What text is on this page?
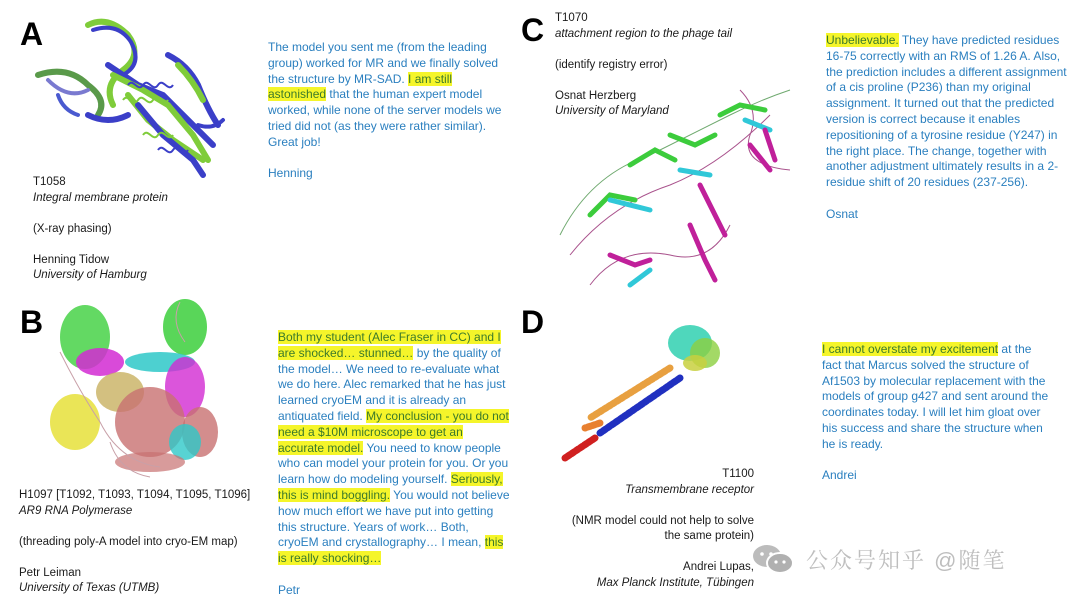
A
T1058
Integral membrane protein
(X-ray phasing)
Henning Tidow
University of Hamburg
The model you sent me (from the leading group) worked for MR and we finally solved the structure by MR-SAD. I am still astonished that the human expert model worked, while none of the server models we tried did not (as they were rather similar). Great job!
Henning
B
H1097 [T1092, T1093, T1094, T1095, T1096]
AR9 RNA Polymerase
(threading poly-A model into cryo-EM map)
Petr Leiman
University of Texas (UTMB)
Both my student (Alec Fraser in CC) and I are shocked… stunned… by the quality of the model… We need to re-evaluate what we do here. Alec remarked that he has just learned cryoEM and it is already an antiquated field. My conclusion - you do not need a $10M microscope to get an accurate model. You need to know people who can model your protein for you. Or you learn how do modeling yourself. Seriously, this is mind boggling. You would not believe how much effort we have put into getting this structure. Years of work… Both, cryoEM and crystallography… I mean, this is really shocking…
Petr
C T1070
attachment region to the phage tail
(identify registry error)
Osnat Herzberg
University of Maryland
Unbelievable. They have predicted residues 16-75 correctly with an RMS of 1.26 A. Also, the prediction includes a different assignment of a cis proline (P236) than my original assignment. It turned out that the predicted version is correct because it enables repositioning of a tyrosine residue (Y247) in the right place. The change, together with another adjustment ultimately results in a 2-residue shift of 20 residues (237-256).
Osnat
D
T1100
Transmembrane receptor
(NMR model could not help to solve the same protein)
Andrei Lupas,
Max Planck Institute, Tübingen
I cannot overstate my excitement at the fact that Marcus solved the structure of Af1503 by molecular replacement with the models of group g427 and sent around the coordinates today. I will let him gloat over his success and share the structure when he is ready.
Andrei
公众号知乎 @随笔
